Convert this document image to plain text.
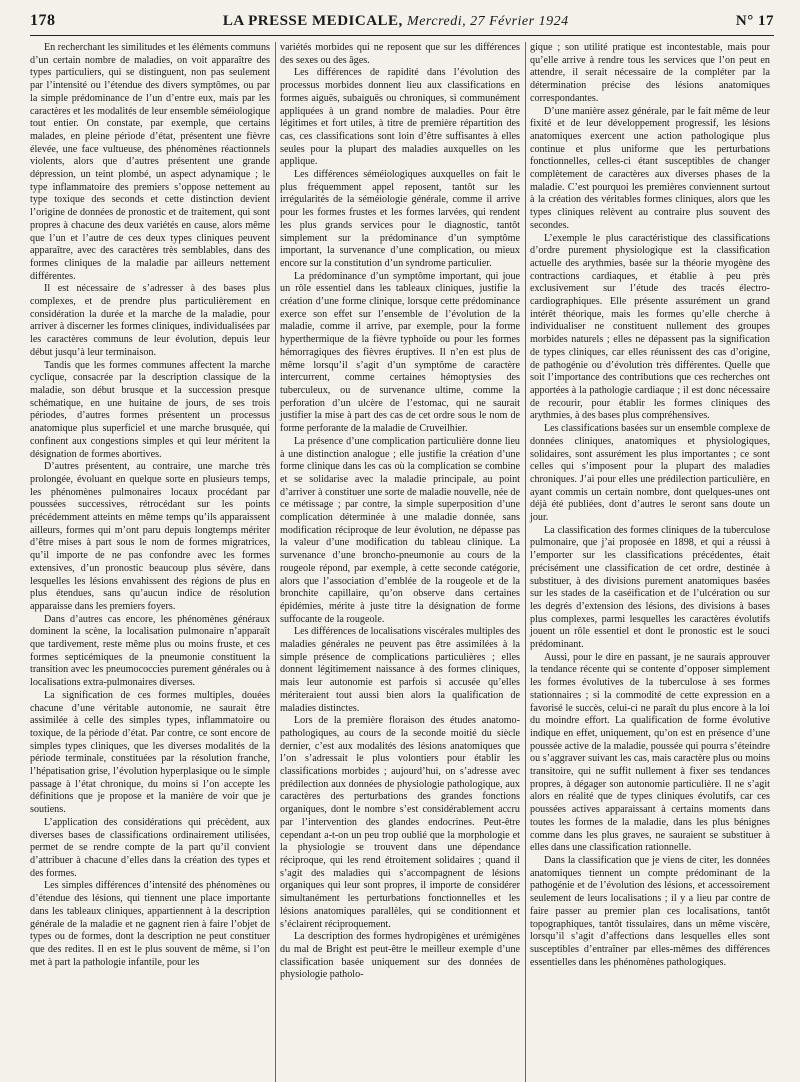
178	LA PRESSE MEDICALE, Mercredi, 27 Février 1924	N° 17

En recherchant les similitudes et les éléments communs d’un certain nombre de maladies, on voit apparaître des types particuliers, qui se distinguent, non pas seulement par l’intensité ou l’étendue des divers symptômes, ou par la simple prédominance de l’un d’entre eux, mais par les caractères et les modalités de leur ensemble séméiologique tout entier. On constate, par exemple, que certains malades, en pleine période d’état, présentent une fièvre élevée, une face vultueuse, des phénomènes réactionnels violents, alors que d’autres présentent une grande dépression, un teint plombé, un aspect adynamique ; le type inflammatoire des premiers s’oppose nettement au type toxique des seconds et cette distinction devient l’origine de données de pronostic et de traitement, qui sont propres à chacune des deux variétés en cause, alors même que l’un et l’autre de ces deux types cliniques peuvent apparaître, avec des caractères très semblables, dans des formes cliniques de la maladie par ailleurs nettement différentes.

Il est nécessaire de s’adresser à des bases plus complexes, et de prendre plus particulièrement en considération la durée et la marche de la maladie, pour arriver à discerner les formes cliniques, individualisées par les caractères communs de leur évolution, depuis leur début jusqu’à leur terminaison.

Tandis que les formes communes affectent la marche cyclique, consacrée par la description classique de la maladie, son début brusque et la succession presque schématique, en une huitaine de jours, de ses trois périodes, d’autres formes présentent un processus anatomique plus superficiel et une marche brusquée, qui confinent aux congestions simples et qui leur méritent la désignation de formes abortives.

D’autres présentent, au contraire, une marche très prolongée, évoluant en quelque sorte en plusieurs temps, les phénomènes pulmonaires locaux procédant par poussées successives, rétrocédant sur les points précédemment atteints en même temps qu’ils apparaissent ailleurs, formes qui m’ont paru depuis longtemps mériter d’être mises à part sous le nom de formes migratrices, qu’il importe de ne pas confondre avec les formes extensives, d’un pronostic beaucoup plus sévère, dans lesquelles les lésions envahissent des régions de plus en plus étendues, sans qu’aucun indice de résolution apparaisse dans les premiers foyers.

Dans d’autres cas encore, les phénomènes généraux dominent la scène, la localisation pulmonaire n’apparaît que tardivement, reste même plus ou moins fruste, et ces formes septicémiques de la pneumonie constituent la transition avec les pneumococcies purement générales ou à localisations extra-pulmonaires diverses.

La signification de ces formes multiples, douées chacune d’une véritable autonomie, ne saurait être assimilée à celle des simples types, inflammatoire ou toxique, de la période d’état. Par contre, ce sont encore de simples types cliniques, que les diverses modalités de la période terminale, constituées par la résolution franche, l’hépatisation grise, l’évolution hyperplasique ou le simple passage à l’état chronique, du moins si l’on accepte les définitions que je propose et la manière de voir que je soutiens.

L’application des considérations qui précèdent, aux diverses bases de classifications ordinairement utilisées, permet de se rendre compte de la part qu’il convient d’attribuer à chacune d’elles dans la création des types et des formes.

Les simples différences d’intensité des phénomènes ou d’étendue des lésions, qui tiennent une place importante dans les tableaux cliniques, appartiennent à la description générale de la maladie et ne gagnent rien à faire l’objet de types ou de formes, dont la description ne peut constituer que des redites. Il en est le plus souvent de même, si l’on met à part la pathologie infantile, pour les

variétés morbides qui ne reposent que sur les différences des sexes ou des âges.

Les différences de rapidité dans l’évolution des processus morbides donnent lieu aux classifications en formes aiguës, subaiguës ou chroniques, si communément appliquées à un grand nombre de maladies. Pour être légitimes et fort utiles, à titre de première répartition des cas, ces classifications sont loin d’être suffisantes à elles seules pour la plupart des maladies auxquelles on les applique.

Les différences séméiologiques auxquelles on fait le plus fréquemment appel reposent, tantôt sur les irrégularités de la séméiologie générale, comme il arrive pour les formes frustes et les formes larvées, qui rendent les plus grands services pour le diagnostic, tantôt simplement sur la prédominance d’un symptôme important, la survenance d’une complication, ou mieux encore sur la constitution d’un syndrome particulier.

La prédominance d’un symptôme important, qui joue un rôle essentiel dans les tableaux cliniques, justifie la création d’une forme clinique, lorsque cette prédominance exerce son effet sur l’ensemble de l’évolution de la maladie, comme il arrive, par exemple, pour la forme hyperthermique de la fièvre typhoïde ou pour les formes hémorragiques des fièvres éruptives. Il n’en est plus de même lorsqu’il s’agit d’un symptôme de caractère intercurrent, comme certaines hémoptysies des tuberculeux, ou de survenance ultime, comme la perforation d’un ulcère de l’estomac, qui ne saurait justifier la mise à part des cas de cet ordre sous le nom de forme perforante de la maladie de Cruveilhier.

La présence d’une complication particulière donne lieu à une distinction analogue ; elle justifie la création d’une forme clinique dans les cas où la complication se combine et se solidarise avec la maladie principale, au point d’arriver à constituer une sorte de maladie nouvelle, née de ce métissage ; par contre, la simple superposition d’une complication déterminée à une maladie donnée, sans modification réciproque de leur évolution, ne dépasse pas la valeur d’une modification du tableau clinique. La survenance d’une broncho-pneumonie au cours de la rougeole répond, par exemple, à cette seconde catégorie, alors que l’association d’emblée de la rougeole et de la bronchite capillaire, qu’on observe dans certaines épidémies, mérite à juste titre la désignation de forme suffocante de la rougeole.

Les différences de localisations viscérales multiples des maladies générales ne peuvent pas être assimilées à la simple présence de complications particulières ; elles donnent légitimement naissance à des formes cliniques, mais leur autonomie est parfois si accusée qu’elles mériteraient tout aussi bien alors la qualification de maladies distinctes.

Lors de la première floraison des études anatomo-pathologiques, au cours de la seconde moitié du siècle dernier, c’est aux modalités des lésions anatomiques que l’on s’adressait le plus volontiers pour établir les classifications morbides ; aujourd’hui, on s’adresse avec prédilection aux données de physiologie pathologique, aux caractères des perturbations des grandes fonctions organiques, dont le nombre s’est considérablement accru par l’intervention des glandes endocrines. Peut-être cependant a-t-on un peu trop oublié que la morphologie et la physiologie se trouvent dans une dépendance réciproque, qui les rend étroitement solidaires ; quand il s’agit des maladies qui s’accompagnent de lésions organiques qui leur sont propres, il importe de considérer simultanément les perturbations fonctionnelles et les lésions anatomiques parallèles, qui se conditionnent et s’éclairent réciproquement.

La description des formes hydropigènes et urémigènes du mal de Bright est peut-être le meilleur exemple d’une classification basée uniquement sur des données de physiologie patholo-

gique ; son utilité pratique est incontestable, mais pour qu’elle arrive à rendre tous les services que l’on peut en attendre, il serait nécessaire de la compléter par la détermination précise des lésions anatomiques correspondantes.

D’une manière assez générale, par le fait même de leur fixité et de leur développement progressif, les lésions anatomiques exercent une action pathologique plus continue et plus uniforme que les perturbations fonctionnelles, celles-ci étant susceptibles de changer complètement de caractères aux diverses phases de la maladie. C’est pourquoi les premières conviennent surtout à la création des véritables formes cliniques, alors que les types cliniques relèvent au contraire plus souvent des secondes.

L’exemple le plus caractéristique des classifications d’ordre purement physiologique est la classification actuelle des arythmies, basée sur la théorie myogène des contractions cardiaques, et établie à peu près exclusivement sur l’étude des tracés électro-cardiographiques. Elle présente assurément un grand intérêt théorique, mais les formes qu’elle cherche à individualiser ne constituent nullement des groupes morbides naturels ; elles ne dépassent pas la signification de types cliniques, car elles réunissent des cas d’origine, de pathogénie ou d’évolution très différentes. Quelle que soit l’importance des contributions que ces recherches ont apportées à la pathologie cardiaque ; il est donc nécessaire de recourir, pour établir les formes cliniques des arythmies, à des bases plus compréhensives.

Les classifications basées sur un ensemble complexe de données cliniques, anatomiques et physiologiques, solidaires, sont assurément les plus importantes ; ce sont celles qui s’imposent pour la plupart des maladies chroniques. J’ai pour elles une prédilection particulière, en ayant commis un certain nombre, dont quelques-unes ont déjà été publiées, dont d’autres le seront sans doute un jour.

La classification des formes cliniques de la tuberculose pulmonaire, que j’ai proposée en 1898, et qui a réussi à l’emporter sur les classifications précédentes, était précisément une classification de cet ordre, destinée à substituer, à des divisions purement anatomiques basées sur les stades de la caséification et de l’ulcération ou sur les degrés d’extension des lésions, des divisions à bases plus complexes, parmi lesquelles les caractères évolutifs jouent un rôle essentiel et dont le pronostic est le souci prédominant.

Aussi, pour le dire en passant, je ne saurais approuver la tendance récente qui se contente d’opposer simplement les formes évolutives de la tuberculose à ses formes stationnaires ; si la commodité de cette expression en a favorisé le succès, celui-ci ne paraît du plus encore à la loi du moindre effort. La qualification de forme évolutive indique en effet, uniquement, qu’on est en présence d’une poussée active de la maladie, poussée qui pourra s’éteindre ou s’aggraver suivant les cas, mais caractère plus ou moins transitoire, qui ne suffit nullement à fixer ses tendances propres, à dégager son autonomie particulière. Il ne s’agit alors en réalité que de types cliniques évolutifs, car ces poussées actives apparaissant à certains moments dans toutes les formes de la maladie, dans les plus bénignes comme dans les plus graves, ne sauraient se substituer à elles dans une classification rationnelle.

Dans la classification que je viens de citer, les données anatomiques tiennent un compte prédominant de la pathogénie et de l’évolution des lésions, et accessoirement seulement de leurs localisations ; il y a lieu par contre de faire passer au premier plan ces localisations, tantôt topographiques, tantôt tissulaires, dans un même viscère, lorsqu’il s’agit d’affections dans lesquelles elles sont susceptibles d’entraîner par elles-mêmes des différences essentielles dans les phénomènes pathologiques.
